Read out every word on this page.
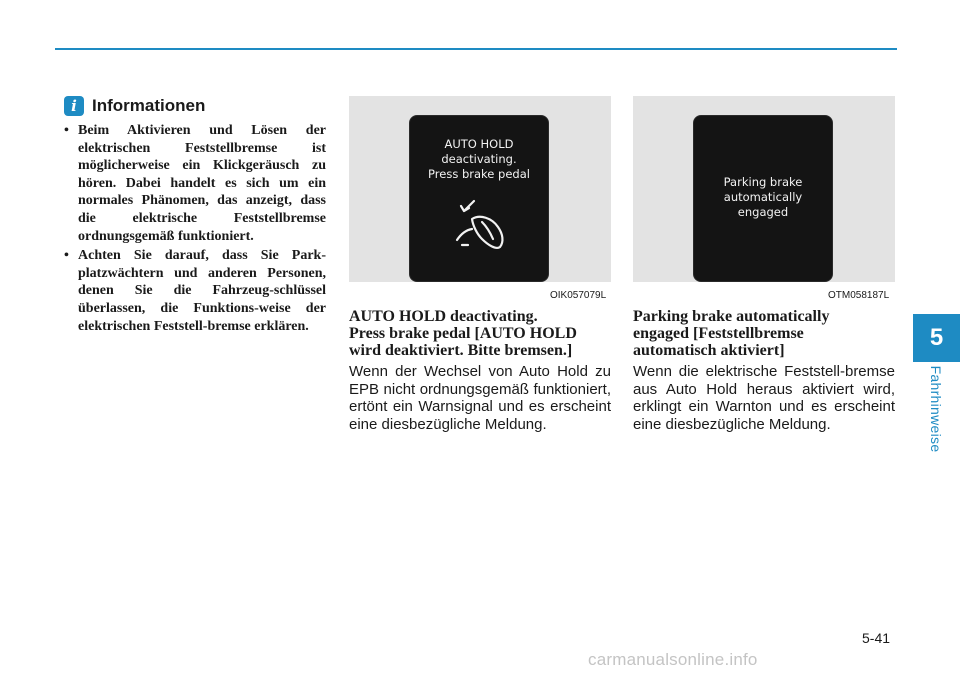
5
Fahrhinweise
i Informationen
• Beim Aktivieren und Lösen der elektrischen Feststellbremse ist möglicherweise ein Klickgeräusch zu hören. Dabei handelt es sich um ein normales Phänomen, das anzeigt, dass die elektrische Feststellbremse ordnungsgemäß funktioniert.
• Achten Sie darauf, dass Sie Park-platzwächtern und anderen Personen, denen Sie die Fahrzeug-schlüssel überlassen, die Funktions-weise der elektrischen Feststell-bremse erklären.
AUTO HOLD
deactivating.
Press brake pedal
OIK057079L
AUTO HOLD deactivating.
Press brake pedal [AUTO HOLD
wird deaktiviert. Bitte bremsen.]
Wenn der Wechsel von Auto Hold zu EPB nicht ordnungsgemäß funktioniert, ertönt ein Warnsignal und es erscheint eine diesbezügliche Meldung.
Parking brake
automatically
engaged
OTM058187L
Parking brake automatically
engaged [Feststellbremse
automatisch aktiviert]
Wenn die elektrische Feststell-bremse aus Auto Hold heraus aktiviert wird, erklingt ein Warnton und es erscheint eine diesbezügliche Meldung.
5-41
carmanualsonline.info
